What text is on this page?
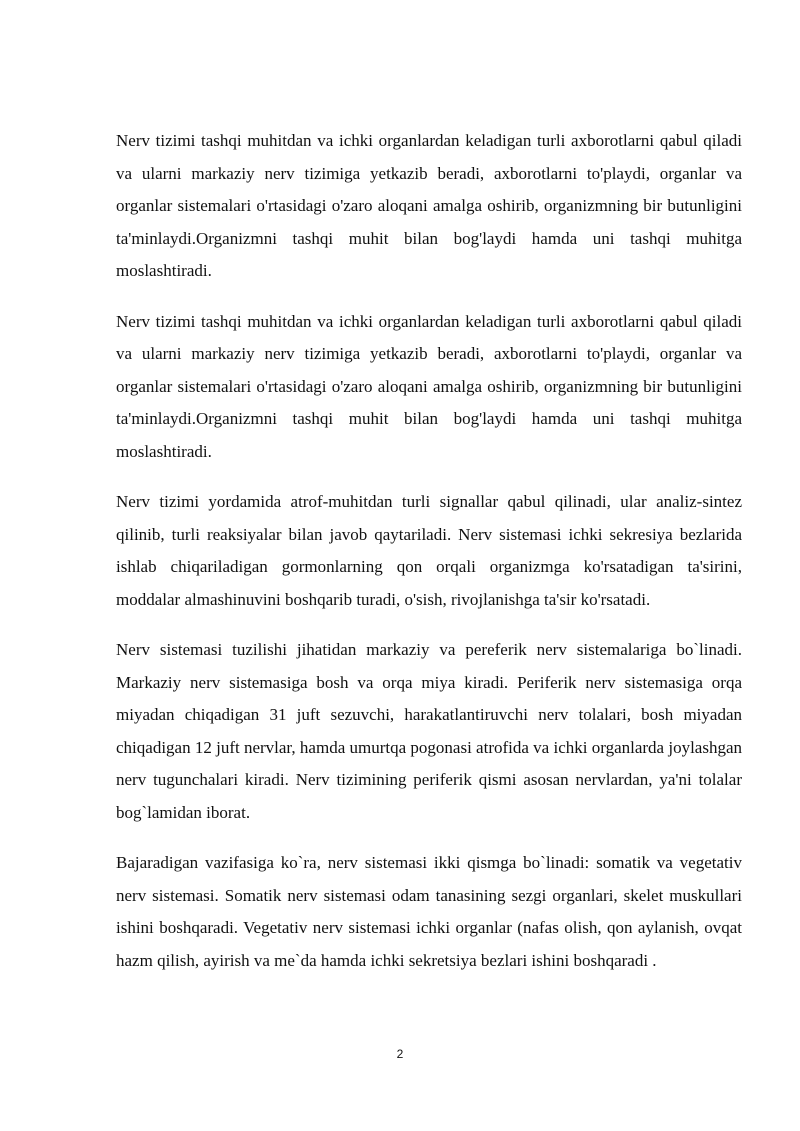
Nerv tizimi tashqi muhitdan va ichki organlardan keladigan turli axborotlarni qabul qiladi va ularni markaziy nerv tizimiga yetkazib beradi, axborotlarni to'playdi, organlar va organlar sistemalari o'rtasidagi o'zaro aloqani amalga oshirib, organizmning bir butunligini ta'minlaydi.Organizmni tashqi muhit bilan bog'laydi hamda uni tashqi muhitga moslashtiradi.

Nerv tizimi tashqi muhitdan va ichki organlardan keladigan turli axborotlarni qabul qiladi va ularni markaziy nerv tizimiga yetkazib beradi, axborotlarni to'playdi, organlar va organlar sistemalari o'rtasidagi o'zaro aloqani amalga oshirib, organizmning bir butunligini ta'minlaydi.Organizmni tashqi muhit bilan bog'laydi hamda uni tashqi muhitga moslashtiradi.

Nerv tizimi yordamida atrof-muhitdan turli signallar qabul qilinadi, ular analiz-sintez qilinib, turli reaksiyalar bilan javob qaytariladi. Nerv sistemasi ichki sekresiya bezlarida ishlab chiqariladigan gormonlarning qon orqali organizmga ko'rsatadigan ta'sirini, moddalar almashinuvini boshqarib turadi, o'sish, rivojlanishga ta'sir ko'rsatadi.

Nerv sistemasi tuzilishi jihatidan markaziy va pereferik nerv sistemalariga bo`linadi. Markaziy nerv sistemasiga bosh va orqa miya kiradi. Periferik nerv sistemasiga orqa miyadan chiqadigan 31 juft sezuvchi, harakatlantiruvchi nerv tolalari, bosh miyadan chiqadigan 12 juft nervlar, hamda umurtqa pogonasi atrofida va ichki organlarda joylashgan nerv tugunchalari kiradi. Nerv tizimining periferik qismi asosan nervlardan, ya'ni tolalar bog`lamidan iborat.

Bajaradigan vazifasiga ko`ra, nerv sistemasi ikki qismga bo`linadi: somatik va vegetativ nerv sistemasi. Somatik nerv sistemasi odam tanasining sezgi organlari, skelet muskullari ishini boshqaradi. Vegetativ nerv sistemasi ichki organlar (nafas olish, qon aylanish, ovqat hazm qilish, ayirish va me`da hamda ichki sekretsiya bezlari ishini boshqaradi .

2
